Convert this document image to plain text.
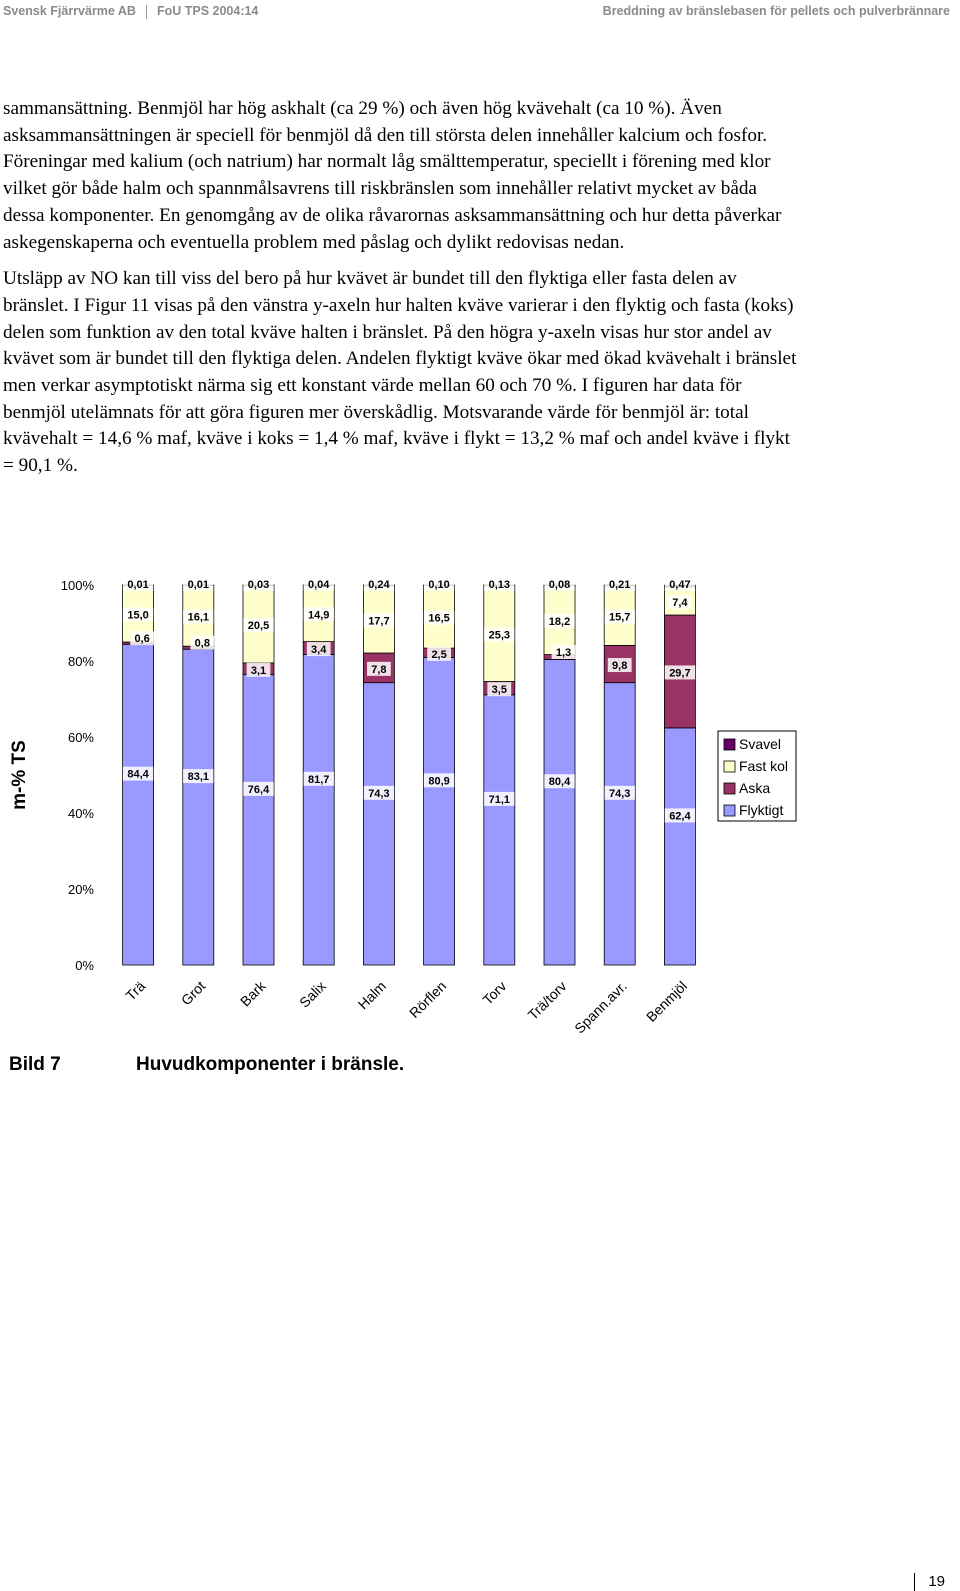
Svensk Fjärrvärme AB FoU TPS 2004:14	Breddning av bränslebasen för pellets och pulverbrännare

sammansättning. Benmjöl har hög askhalt (ca 29 %) och även hög kvävehalt (ca 10 %). Även asksammansättningen är speciell för benmjöl då den till största delen innehåller kalcium och fosfor. Föreningar med kalium (och natrium) har normalt låg smälttemperatur, speciellt i förening med klor vilket gör både halm och spannmålsavrens till riskbränslen som innehåller relativt mycket av båda dessa komponenter. En genomgång av de olika råvarornas asksammansättning och hur detta påverkar askegenskaperna och eventuella problem med påslag och dylikt redovisas nedan.

Utsläpp av NO kan till viss del bero på hur kvävet är bundet till den flyktiga eller fasta delen av bränslet. I Figur 11 visas på den vänstra y-axeln hur halten kväve varierar i den flyktig och fasta (koks) delen som funktion av den total kväve halten i bränslet. På den högra y-axeln visas hur stor andel av kvävet som är bundet till den flyktiga delen. Andelen flyktigt kväve ökar med ökad kvävehalt i bränslet men verkar asymptotiskt närma sig ett konstant värde mellan 60 och 70 %. I figuren har data för benmjöl utelämnats för att göra figuren mer överskådlig. Motsvarande värde för benmjöl är: total kvävehalt = 14,6 % maf, kväve i koks = 1,4 % maf, kväve i flykt = 13,2 % maf och andel kväve i flykt = 90,1 %.

m-% TS
0%
20%
40%
60%
80%
100%
84,4
0,6
15,0
0,01
Trä
83,1
0,8
16,1
0,01
Grot
76,4
3,1
20,5
0,03
Bark
81,7
3,4
14,9
0,04
Salix
74,3
7,8
17,7
0,24
Halm
80,9
2,5
16,5
0,10
Rörflen
71,1
3,5
25,3
0,13
Torv
80,4
1,3
18,2
0,08
Trä/torv
74,3
9,8
15,7
0,21
Spann.avr.
62,4
29,7
7,4
0,47
Benmjöl
Svavel
Fast kol
Aska
Flyktigt
Bild 7	Huvudkomponenter i bränsle.
19
